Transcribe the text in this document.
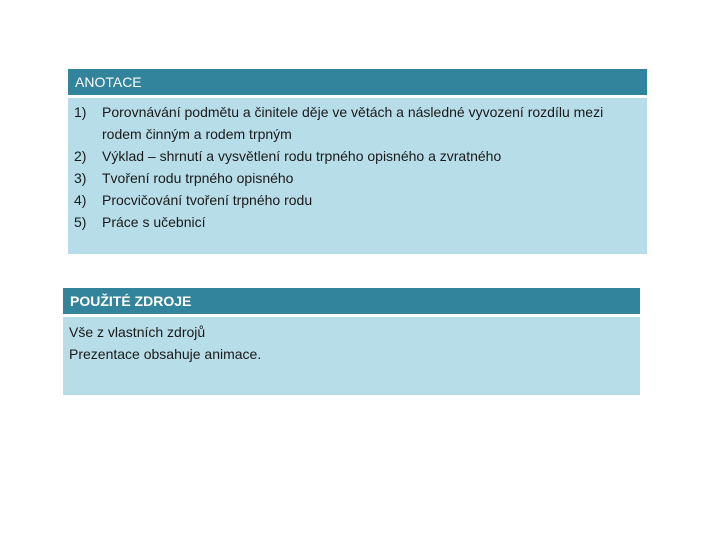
ANOTACE
1)	Porovnávání podmětu a činitele děje ve větách a následné vyvození rozdílu mezi rodem činným a rodem trpným
2)	Výklad – shrnutí a vysvětlení rodu trpného opisného a zvratného
3)	Tvoření rodu trpného opisného
4)	Procvičování tvoření trpného rodu
5)	Práce s učebnicí
POUŽITÉ ZDROJE
Vše z vlastních zdrojů
Prezentace obsahuje animace.
